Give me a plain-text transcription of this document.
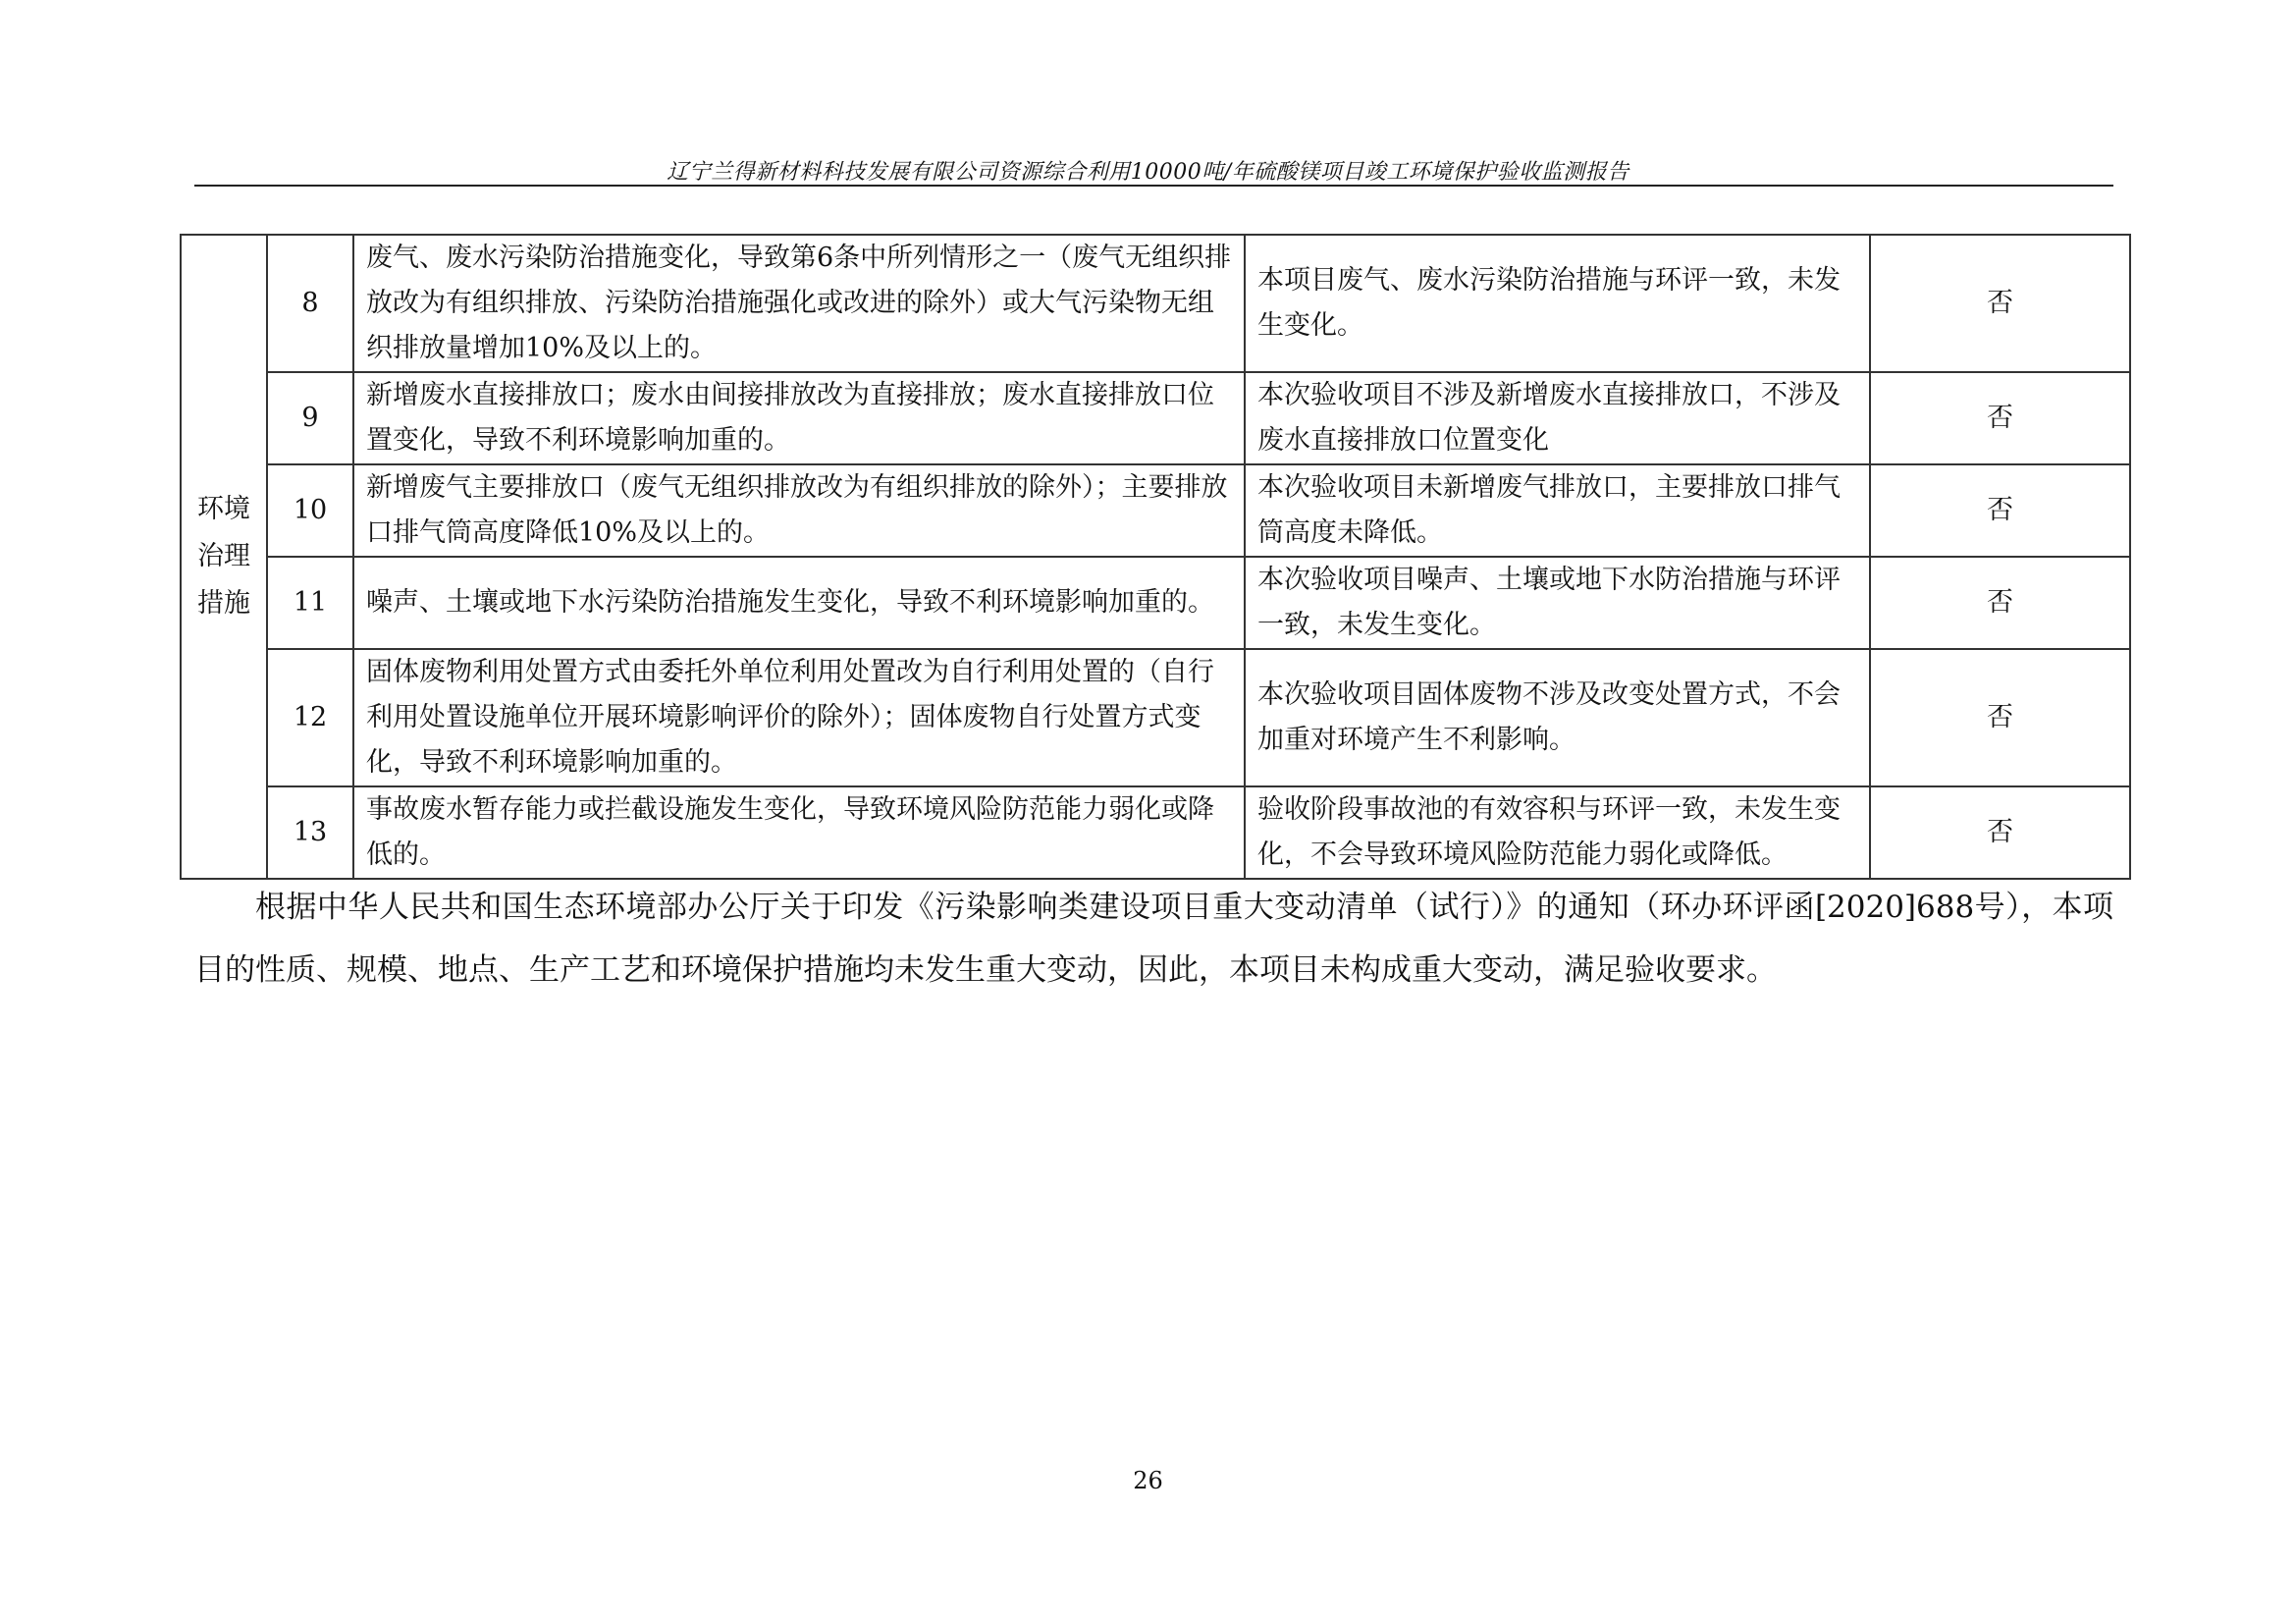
辽宁兰得新材料科技发展有限公司资源综合利用10000吨/年硫酸镁项目竣工环境保护验收监测报告
环境治理措施	8	废气、废水污染防治措施变化，导致第6条中所列情形之一（废气无组织排放改为有组织排放、污染防治措施强化或改进的除外）或大气污染物无组织排放量增加10%及以上的。	本项目废气、废水污染防治措施与环评一致，未发生变化。	否
	9	新增废水直接排放口；废水由间接排放改为直接排放；废水直接排放口位置变化，导致不利环境影响加重的。	本次验收项目不涉及新增废水直接排放口，不涉及废水直接排放口位置变化	否
	10	新增废气主要排放口（废气无组织排放改为有组织排放的除外）；主要排放口排气筒高度降低10%及以上的。	本次验收项目未新增废气排放口，主要排放口排气筒高度未降低。	否
	11	噪声、土壤或地下水污染防治措施发生变化，导致不利环境影响加重的。	本次验收项目噪声、土壤或地下水防治措施与环评一致，未发生变化。	否
	12	固体废物利用处置方式由委托外单位利用处置改为自行利用处置的（自行利用处置设施单位开展环境影响评价的除外）；固体废物自行处置方式变化，导致不利环境影响加重的。	本次验收项目固体废物不涉及改变处置方式，不会加重对环境产生不利影响。	否
	13	事故废水暂存能力或拦截设施发生变化，导致环境风险防范能力弱化或降低的。	验收阶段事故池的有效容积与环评一致，未发生变化，不会导致环境风险防范能力弱化或降低。	否

根据中华人民共和国生态环境部办公厅关于印发《污染影响类建设项目重大变动清单（试行）》的通知（环办环评函[2020]688号），本项目的性质、规模、地点、生产工艺和环境保护措施均未发生重大变动，因此，本项目未构成重大变动，满足验收要求。

26
